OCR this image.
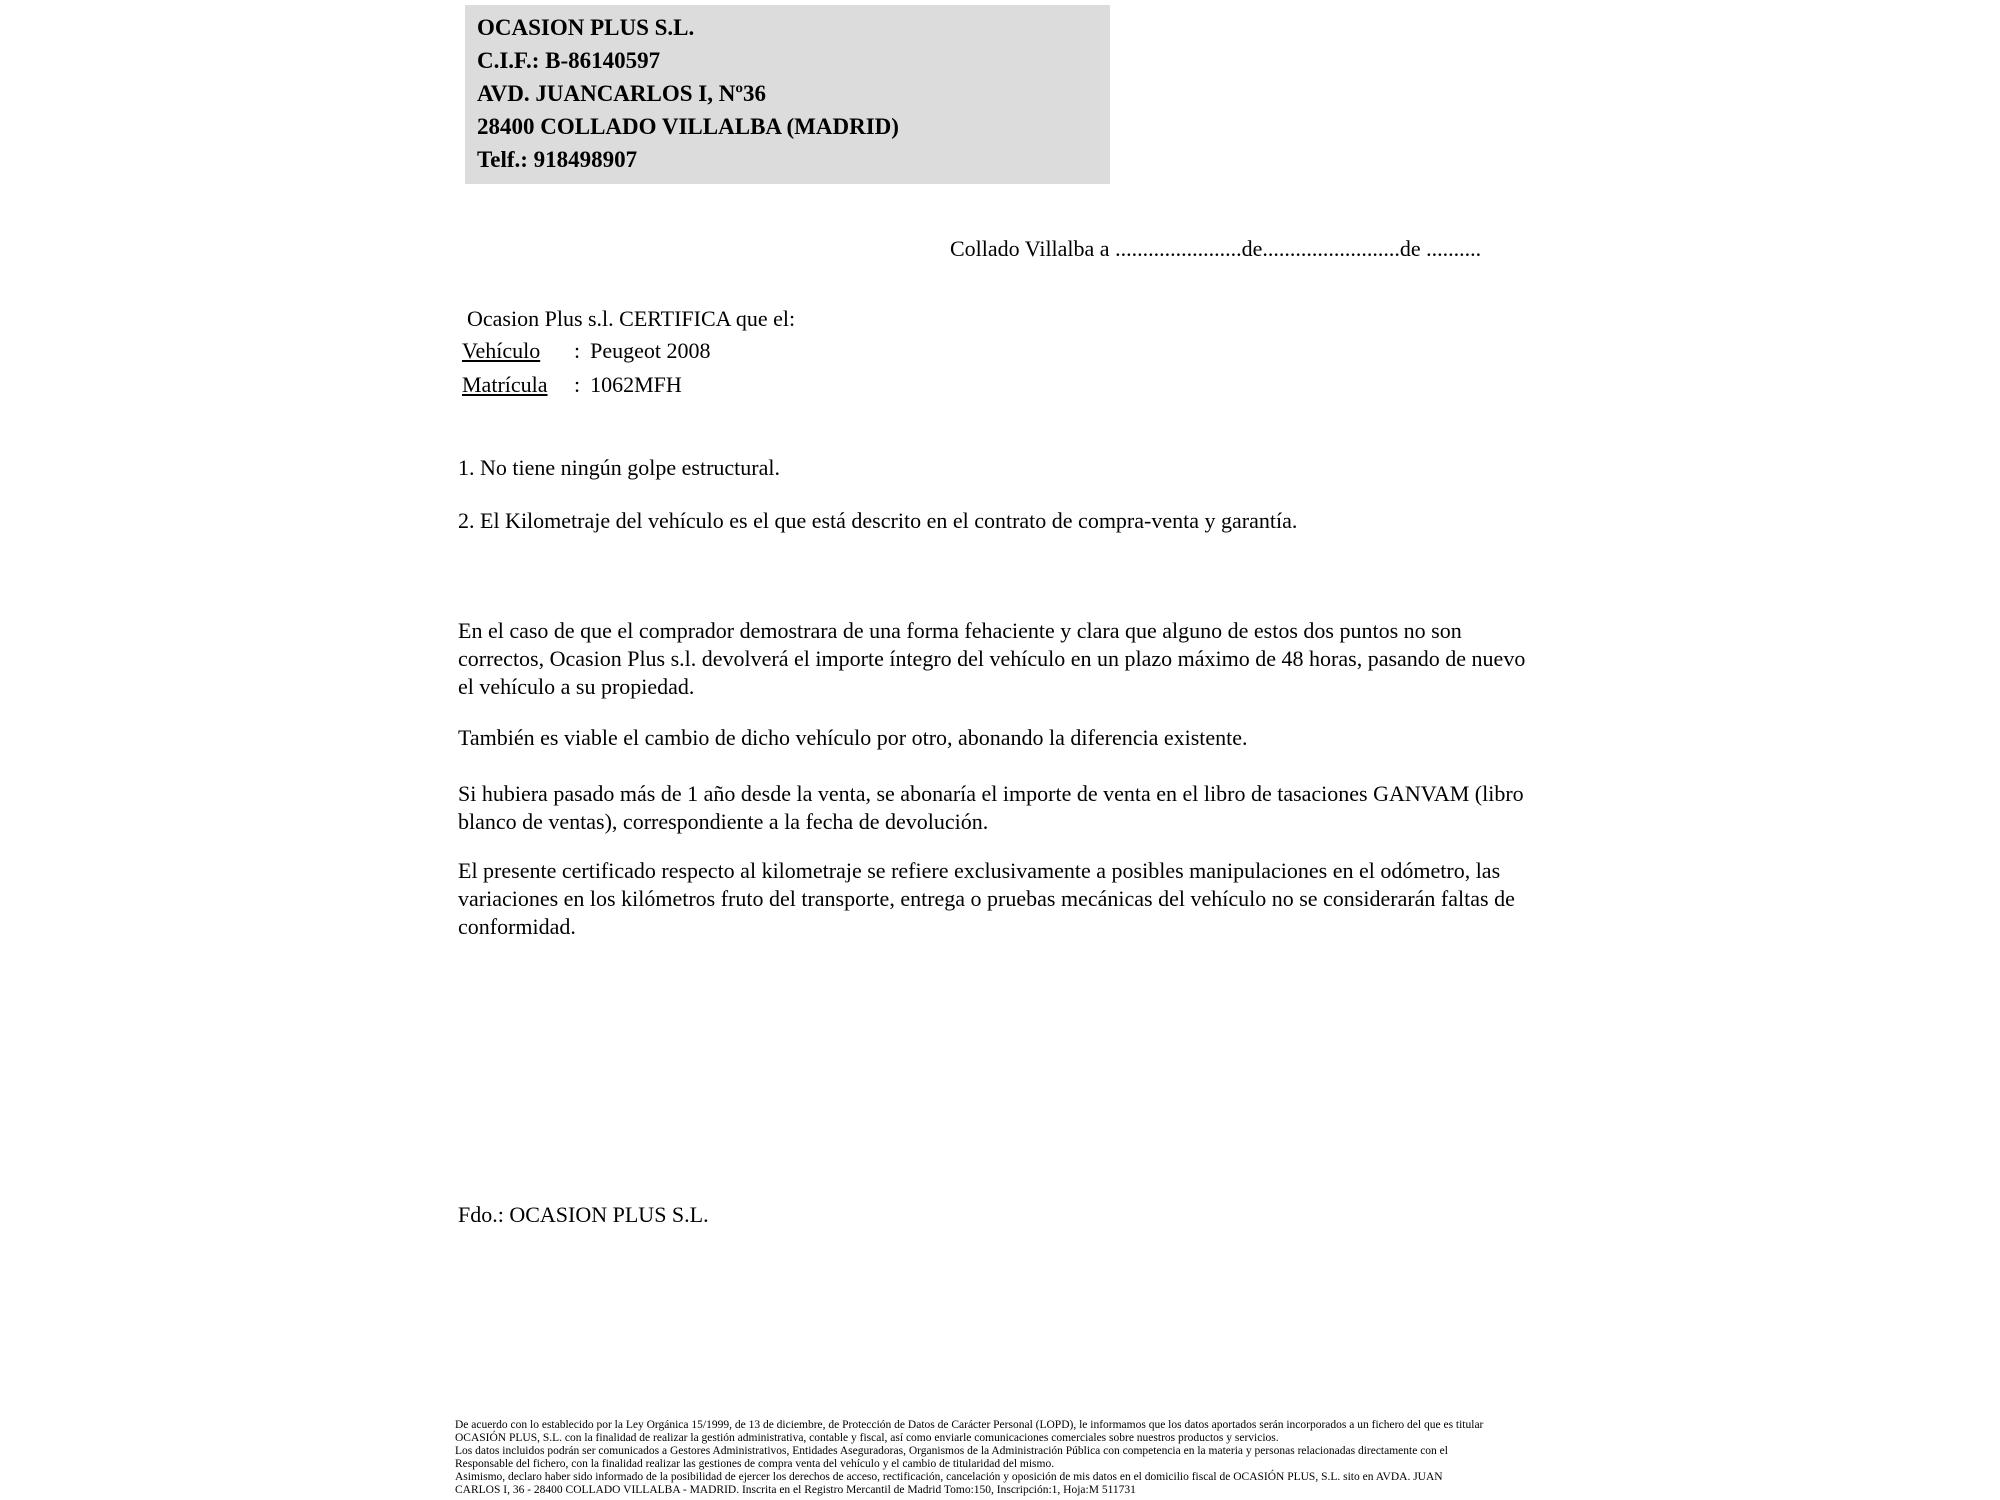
OCASION PLUS S.L.
C.I.F.: B-86140597
AVD. JUANCARLOS I, Nº36
28400 COLLADO VILLALBA (MADRID)
Telf.: 918498907
Collado Villalba a .......................de.........................de ..........
Ocasion Plus s.l. CERTIFICA que el:
Vehículo : Peugeot 2008
Matrícula : 1062MFH
1. No tiene ningún golpe estructural.
2. El Kilometraje del vehículo es el que está descrito en el contrato de compra-venta y garantía.
En el caso de que el comprador demostrara de una forma fehaciente y clara que alguno de estos dos puntos no son correctos, Ocasion Plus s.l. devolverá el importe íntegro del vehículo en un plazo máximo de 48 horas, pasando de nuevo el vehículo a su propiedad.
También es viable el cambio de dicho vehículo por otro, abonando la diferencia existente.
Si hubiera pasado más de 1 año desde la venta, se abonaría el importe de venta en el libro de tasaciones GANVAM (libro blanco de ventas), correspondiente a la fecha de devolución.
El presente certificado respecto al kilometraje se refiere exclusivamente a posibles manipulaciones en el odómetro, las variaciones en los kilómetros fruto del transporte, entrega o pruebas mecánicas del vehículo no se considerarán faltas de conformidad.
Fdo.: OCASION PLUS S.L.
De acuerdo con lo establecido por la Ley Orgánica 15/1999, de 13 de diciembre, de Protección de Datos de Carácter Personal (LOPD), le informamos que los datos aportados serán incorporados a un fichero del que es titular
OCASIÓN PLUS, S.L. con la finalidad de realizar la gestión administrativa, contable y fiscal, así como enviarle comunicaciones comerciales sobre nuestros productos y servicios.
Los datos incluidos podrán ser comunicados a Gestores Administrativos, Entidades Aseguradoras, Organismos de la Administración Pública con competencia en la materia y personas relacionadas directamente con el
Responsable del fichero, con la finalidad realizar las gestiones de compra venta del vehículo y el cambio de titularidad del mismo.
Asimismo, declaro haber sido informado de la posibilidad de ejercer los derechos de acceso, rectificación, cancelación y oposición de mis datos en el domicilio fiscal de OCASIÓN PLUS, S.L. sito en AVDA. JUAN
CARLOS I, 36 - 28400 COLLADO VILLALBA - MADRID. Inscrita en el Registro Mercantil de Madrid Tomo:150, Inscripción:1, Hoja:M 511731
